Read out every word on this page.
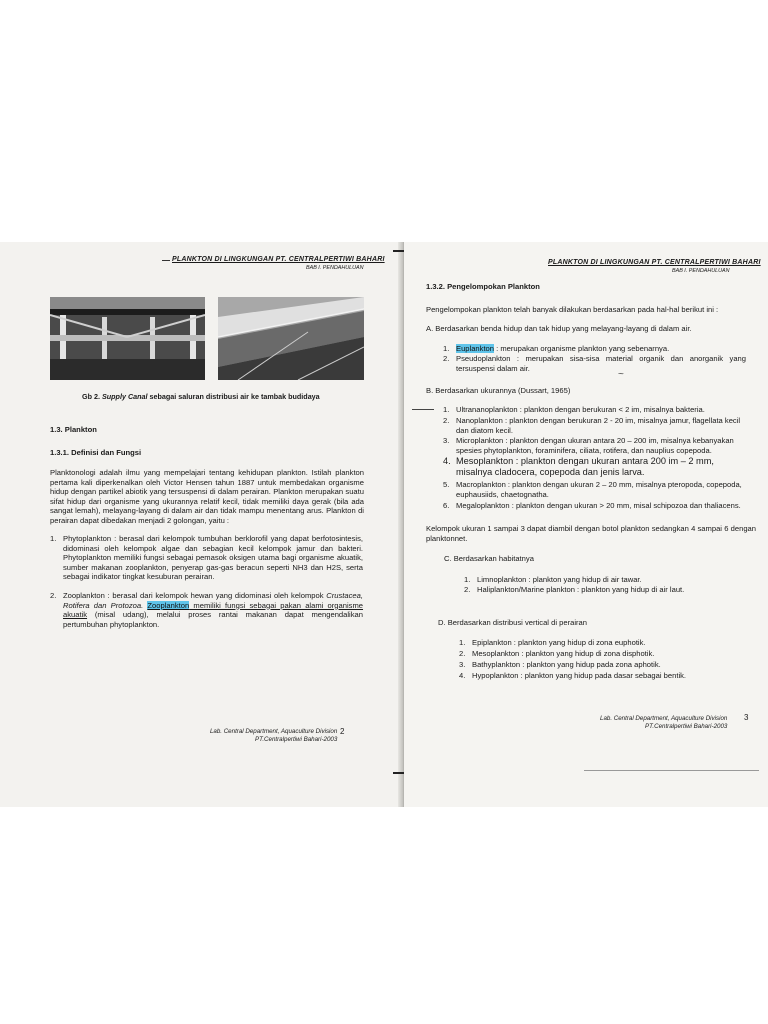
PLANKTON DI LINGKUNGAN PT. CENTRALPERTIWI BAHARI
BAB I. PENDAHULUAN
Gb 2. Supply Canal sebagai saluran distribusi air ke tambak budidaya
1.3. Plankton
1.3.1. Definisi dan Fungsi
Planktonologi adalah ilmu yang mempelajari tentang kehidupan plankton. Istilah plankton pertama kali diperkenalkan oleh Victor Hensen tahun 1887 untuk membedakan organisme hidup dengan partikel abiotik yang tersuspensi di dalam perairan. Plankton merupakan suatu sifat hidup dari organisme yang ukurannya relatif kecil, tidak memiliki daya gerak (bila ada sangat lemah), melayang-layang di dalam air dan tidak mampu menentang arus. Plankton di perairan dapat dibedakan menjadi 2 golongan, yaitu :
1. Phytoplankton : berasal dari kelompok tumbuhan berklorofil yang dapat berfotosintesis, didominasi oleh kelompok algae dan sebagian kecil kelompok jamur dan bakteri. Phytoplankton memiliki fungsi sebagai pemasok oksigen utama bagi organisme akuatik, sumber makanan zooplankton, penyerap gas-gas beracun seperti NH3 dan H2S, serta sebagai indikator tingkat kesuburan perairan.
2. Zooplankton : berasal dari kelompok hewan yang didominasi oleh kelompok Crustacea, Rotifera dan Protozoa. Zooplankton memiliki fungsi sebagai pakan alami organisme akuatik (misal udang), melalui proses rantai makanan dapat mengendalikan pertumbuhan phytoplankton.
Lab. Central Department, Aquaculture Division
PT.Centralpertiwi Bahari-2003
2
PLANKTON DI LINGKUNGAN PT. CENTRALPERTIWI BAHARI
BAB I. PENDAHULUAN
1.3.2. Pengelompokan Plankton
Pengelompokan plankton telah banyak dilakukan berdasarkan pada hal-hal berikut ini :
A. Berdasarkan benda hidup dan tak hidup yang melayang-layang di dalam air.
1. Euplankton : merupakan organisme plankton yang sebenarnya.
2. Pseudoplankton : merupakan sisa-sisa material organik dan anorganik yang tersuspensi dalam air.
B. Berdasarkan ukurannya (Dussart, 1965)
~
1. Ultrananoplankton : plankton dengan berukuran < 2 im, misalnya bakteria.
2. Nanoplankton : plankton dengan berukuran 2 - 20 im, misalnya jamur, flagellata kecil dan diatom kecil.
3. Microplankton : plankton dengan ukuran antara 20 – 200 im, misalnya kebanyakan spesies phytoplankton, foraminifera, ciliata, rotifera, dan nauplius copepoda.
4. Mesoplankton : plankton dengan ukuran antara 200 im – 2 mm, misalnya cladocera, copepoda dan jenis larva.
5. Macroplankton : plankton dengan ukuran 2 – 20 mm, misalnya pteropoda, copepoda, euphausiids, chaetognatha.
6. Megaloplankton : plankton dengan ukuran > 20 mm, misal schipozoa dan thaliacens.
Kelompok ukuran 1 sampai 3 dapat diambil dengan botol plankton sedangkan 4 sampai 6 dengan planktonnet.
C. Berdasarkan habitatnya
1. Limnoplankton : plankton yang hidup di air tawar.
2. Haliplankton/Marine plankton : plankton yang hidup di air laut.
D. Berdasarkan distribusi vertical di perairan
1. Epiplankton : plankton yang hidup di zona euphotik.
2. Mesoplankton : plankton yang hidup di zona disphotik.
3. Bathyplankton : plankton yang hidup pada zona aphotik.
4. Hypoplankton : plankton yang hidup pada dasar sebagai bentik.
Lab. Central Department, Aquaculture Division
PT.Centralpertiwi Bahari-2003
3
